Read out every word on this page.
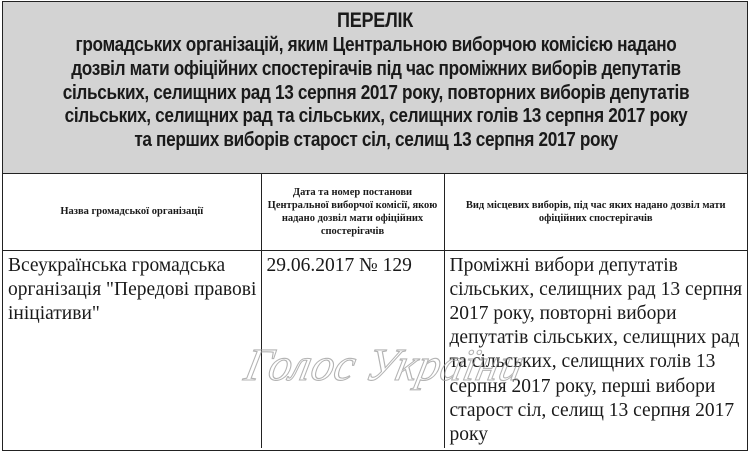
ПЕРЕЛІК
громадських організацій, яким Центральною виборчою комісією надано
дозвіл мати офіційних спостерігачів під час проміжних виборів депутатів
сільських, селищних рад 13 серпня 2017 року, повторних виборів депутатів
сільських, селищних рад та сільських, селищних голів 13 серпня 2017 року
та перших виборів старост сіл, селищ 13 серпня 2017 року
Назва громадської організації	Дата та номер постанови Центральної виборчої комісії, якою надано дозвіл мати офіційних спостерігачів	Вид місцевих виборів, під час яких надано дозвіл мати офіційних спостерігачів
Всеукраїнська громадська організація "Передові правові ініціативи"	29.06.2017 № 129	Проміжні вибори депутатів сільських, селищних рад 13 серпня 2017 року, повторні вибори депутатів сільських, селищних рад та сільських, селищних голів 13 серпня 2017 року, перші вибори старост сіл, селищ 13 серпня 2017 року
Голос України
